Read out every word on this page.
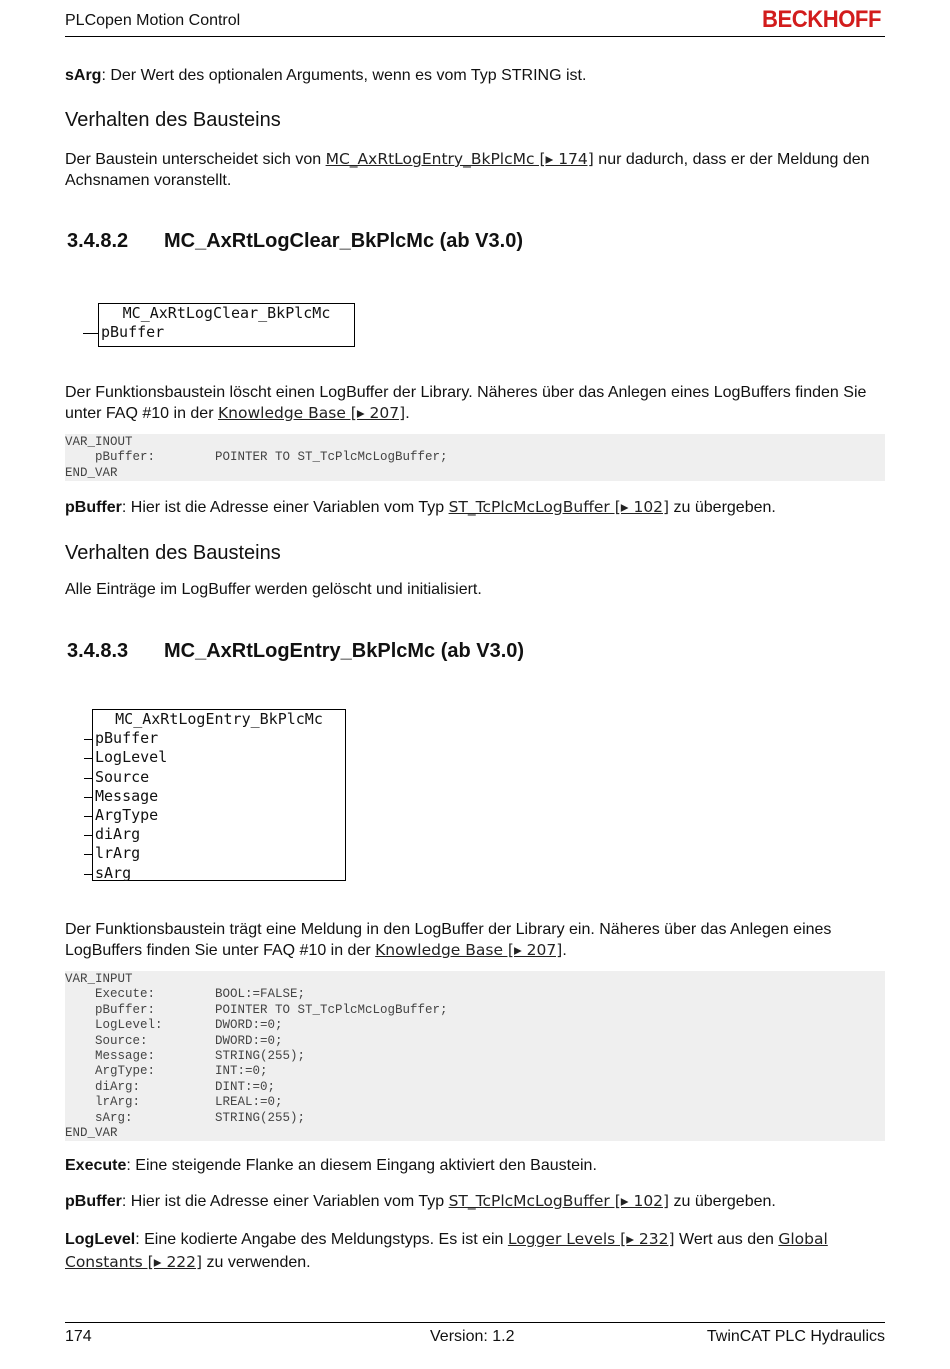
PLCopen Motion Control	BECKHOFF

sArg: Der Wert des optionalen Arguments, wenn es vom Typ STRING ist.

Verhalten des Bausteins

Der Baustein unterscheidet sich von MC_AxRtLogEntry_BkPlcMc [▸ 174] nur dadurch, dass er der Meldung den Achsnamen voranstellt.

3.4.8.2 MC_AxRtLogClear_BkPlcMc (ab V3.0)
MC_AxRtLogClear_BkPlcMc
pBuffer

Der Funktionsbaustein löscht einen LogBuffer der Library. Näheres über das Anlegen eines LogBuffers finden Sie unter FAQ #10 in der Knowledge Base [▸ 207].

VAR_INOUT
pBuffer:        POINTER TO ST_TcPlcMcLogBuffer;
END_VAR

pBuffer: Hier ist die Adresse einer Variablen vom Typ ST_TcPlcMcLogBuffer [▸ 102] zu übergeben.

Verhalten des Bausteins

Alle Einträge im LogBuffer werden gelöscht und initialisiert.

3.4.8.3 MC_AxRtLogEntry_BkPlcMc (ab V3.0)
MC_AxRtLogEntry_BkPlcMc
pBuffer
LogLevel
Source
Message
ArgType
diArg
lrArg
sArg

Der Funktionsbaustein trägt eine Meldung in den LogBuffer der Library ein. Näheres über das Anlegen eines LogBuffers finden Sie unter FAQ #10 in der Knowledge Base [▸ 207].

VAR_INPUT
Execute:        BOOL:=FALSE;
pBuffer:        POINTER TO ST_TcPlcMcLogBuffer;
LogLevel:       DWORD:=0;
Source:         DWORD:=0;
Message:        STRING(255);
ArgType:        INT:=0;
diArg:          DINT:=0;
lrArg:          LREAL:=0;
sArg:           STRING(255);
END_VAR

Execute: Eine steigende Flanke an diesem Eingang aktiviert den Baustein.

pBuffer: Hier ist die Adresse einer Variablen vom Typ ST_TcPlcMcLogBuffer [▸ 102] zu übergeben.

LogLevel: Eine kodierte Angabe des Meldungstyps. Es ist ein Logger Levels [▸ 232] Wert aus den Global Constants [▸ 222] zu verwenden.

174	Version: 1.2	TwinCAT PLC Hydraulics
